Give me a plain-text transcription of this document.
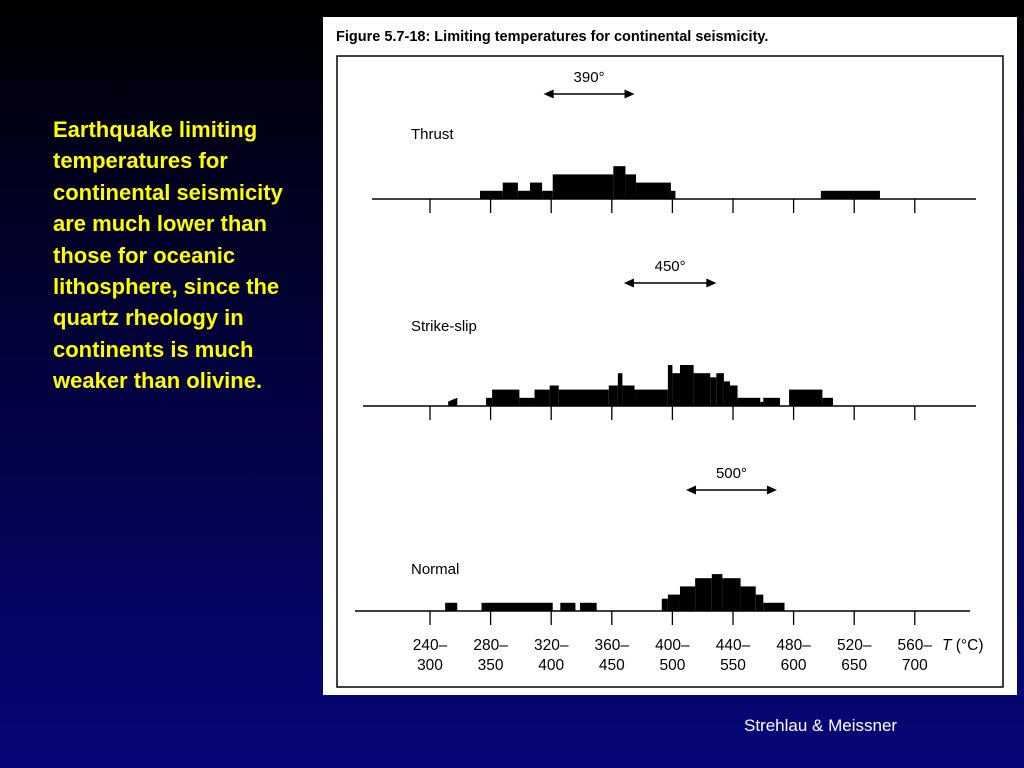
Earthquake limiting temperatures for continental seismicity are much lower than those for oceanic lithosphere, since the quartz rheology in continents is much weaker than olivine.

Figure 5.7-18: Limiting temperatures for continental seismicity.
Thrust
390°
Strike-slip
450°
Normal
500°
240–
300
280–
350
320–
400
360–
450
400–
500
440–
550
480–
600
520–
650
560–
700
T (°C)
Strehlau & Meissner
